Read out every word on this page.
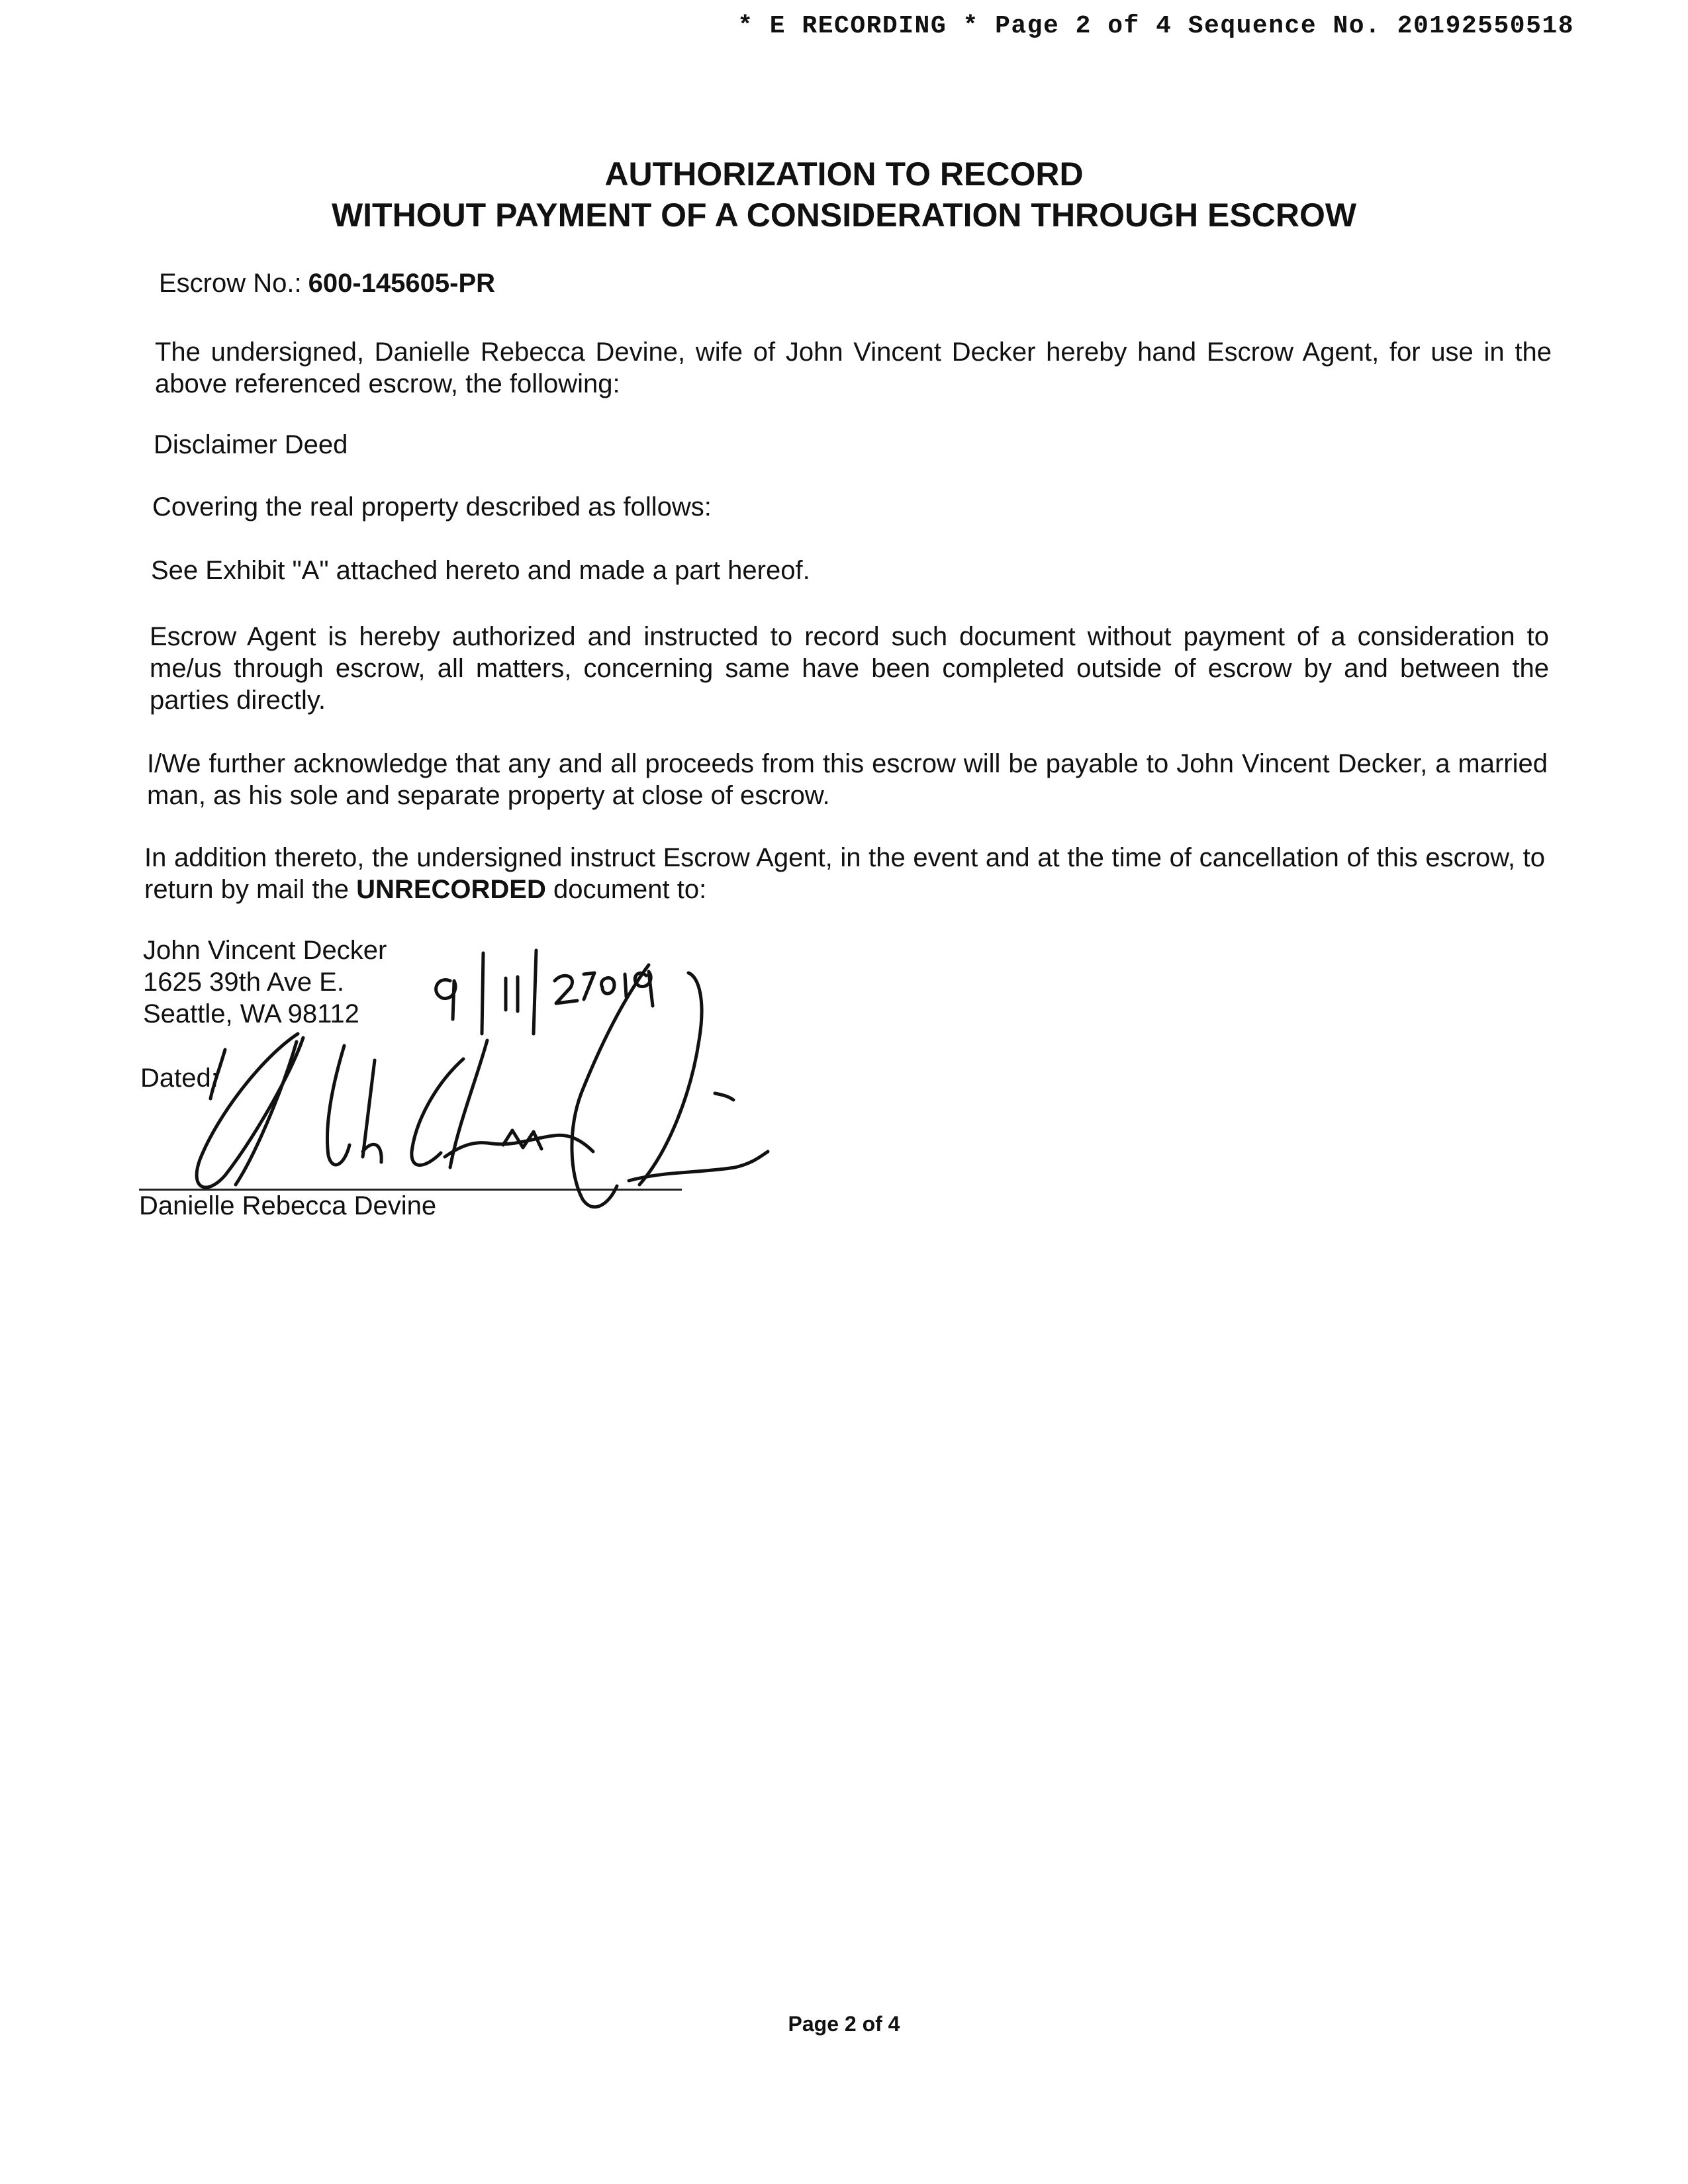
* E RECORDING * Page 2 of 4 Sequence No. 20192550518
AUTHORIZATION TO RECORD
WITHOUT PAYMENT OF A CONSIDERATION THROUGH ESCROW
Escrow No.: 600-145605-PR
The undersigned, Danielle Rebecca Devine, wife of John Vincent Decker hereby hand Escrow Agent, for use in the above referenced escrow, the following:
Disclaimer Deed
Covering the real property described as follows:
See Exhibit "A" attached hereto and made a part hereof.
Escrow Agent is hereby authorized and instructed to record such document without payment of a consideration to me/us through escrow, all matters, concerning same have been completed outside of escrow by and between the parties directly.
I/We further acknowledge that any and all proceeds from this escrow will be payable to John Vincent Decker, a married man, as his sole and separate property at close of escrow.
In addition thereto, the undersigned instruct Escrow Agent, in the event and at the time of cancellation of this escrow, to return by mail the UNRECORDED document to:
John Vincent Decker
1625 39th Ave E.
Seattle, WA 98112
Dated:
Danielle Rebecca Devine
Page 2 of 4
